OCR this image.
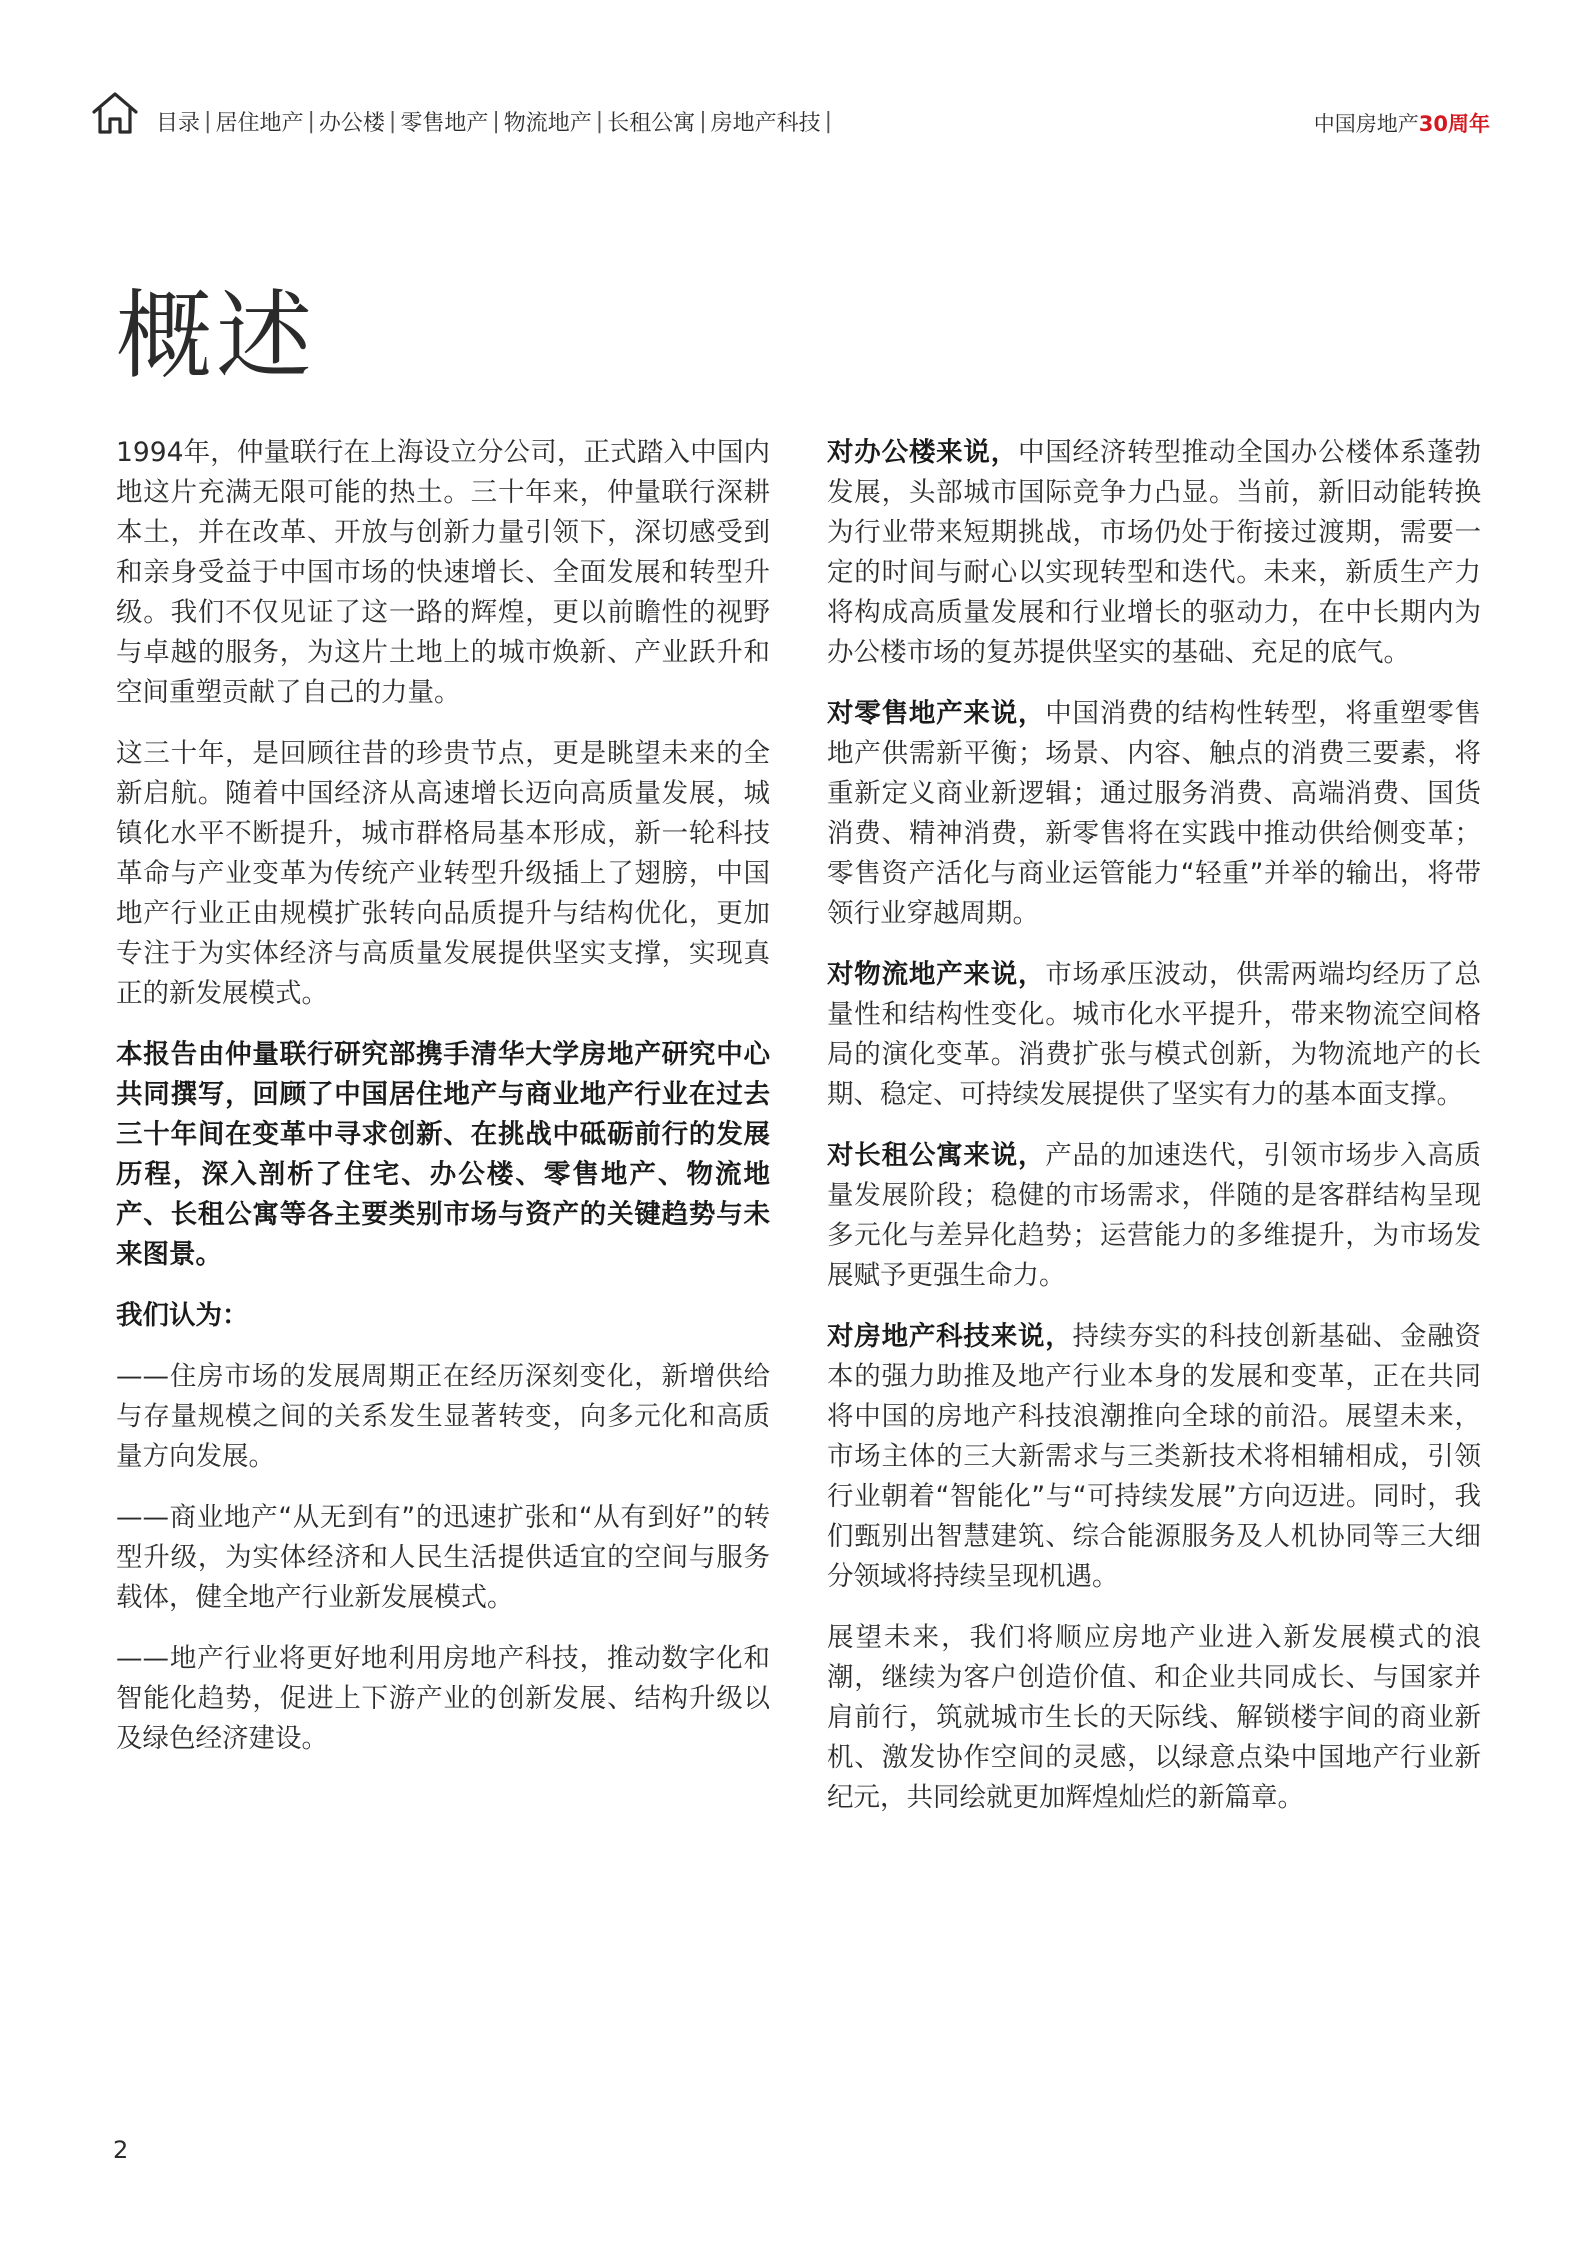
目录 | 居住地产 | 办公楼 | 零售地产 | 物流地产 | 长租公寓 | 房地产科技 |	中国房地产30周年
概述

1994年，仲量联行在上海设立分公司，正式踏入中国内地这片充满无限可能的热土。三十年来，仲量联行深耕本土，并在改革、开放与创新力量引领下，深切感受到和亲身受益于中国市场的快速增长、全面发展和转型升级。我们不仅见证了这一路的辉煌，更以前瞻性的视野与卓越的服务，为这片土地上的城市焕新、产业跃升和空间重塑贡献了自己的力量。

这三十年，是回顾往昔的珍贵节点，更是眺望未来的全新启航。随着中国经济从高速增长迈向高质量发展，城镇化水平不断提升，城市群格局基本形成，新一轮科技革命与产业变革为传统产业转型升级插上了翅膀，中国地产行业正由规模扩张转向品质提升与结构优化，更加专注于为实体经济与高质量发展提供坚实支撑，实现真正的新发展模式。

本报告由仲量联行研究部携手清华大学房地产研究中心共同撰写，回顾了中国居住地产与商业地产行业在过去三十年间在变革中寻求创新、在挑战中砥砺前行的发展历程，深入剖析了住宅、办公楼、零售地产、物流地产、长租公寓等各主要类别市场与资产的关键趋势与未来图景。

我们认为：

——住房市场的发展周期正在经历深刻变化，新增供给与存量规模之间的关系发生显著转变，向多元化和高质量方向发展。

——商业地产“从无到有”的迅速扩张和“从有到好”的转型升级，为实体经济和人民生活提供适宜的空间与服务载体，健全地产行业新发展模式。

——地产行业将更好地利用房地产科技，推动数字化和智能化趋势，促进上下游产业的创新发展、结构升级以及绿色经济建设。

对办公楼来说，中国经济转型推动全国办公楼体系蓬勃发展，头部城市国际竞争力凸显。当前，新旧动能转换为行业带来短期挑战，市场仍处于衔接过渡期，需要一定的时间与耐心以实现转型和迭代。未来，新质生产力将构成高质量发展和行业增长的驱动力，在中长期内为办公楼市场的复苏提供坚实的基础、充足的底气。

对零售地产来说，中国消费的结构性转型，将重塑零售地产供需新平衡；场景、内容、触点的消费三要素，将重新定义商业新逻辑；通过服务消费、高端消费、国货消费、精神消费，新零售将在实践中推动供给侧变革；零售资产活化与商业运管能力“轻重”并举的输出，将带领行业穿越周期。

对物流地产来说，市场承压波动，供需两端均经历了总量性和结构性变化。城市化水平提升，带来物流空间格局的演化变革。消费扩张与模式创新，为物流地产的长期、稳定、可持续发展提供了坚实有力的基本面支撑。

对长租公寓来说，产品的加速迭代，引领市场步入高质量发展阶段；稳健的市场需求，伴随的是客群结构呈现多元化与差异化趋势；运营能力的多维提升，为市场发展赋予更强生命力。

对房地产科技来说，持续夯实的科技创新基础、金融资本的强力助推及地产行业本身的发展和变革，正在共同将中国的房地产科技浪潮推向全球的前沿。展望未来，市场主体的三大新需求与三类新技术将相辅相成，引领行业朝着“智能化”与“可持续发展”方向迈进。同时，我们甄别出智慧建筑、综合能源服务及人机协同等三大细分领域将持续呈现机遇。

展望未来，我们将顺应房地产业进入新发展模式的浪潮，继续为客户创造价值、和企业共同成长、与国家并肩前行，筑就城市生长的天际线、解锁楼宇间的商业新机、激发协作空间的灵感，以绿意点染中国地产行业新纪元，共同绘就更加辉煌灿烂的新篇章。

2
